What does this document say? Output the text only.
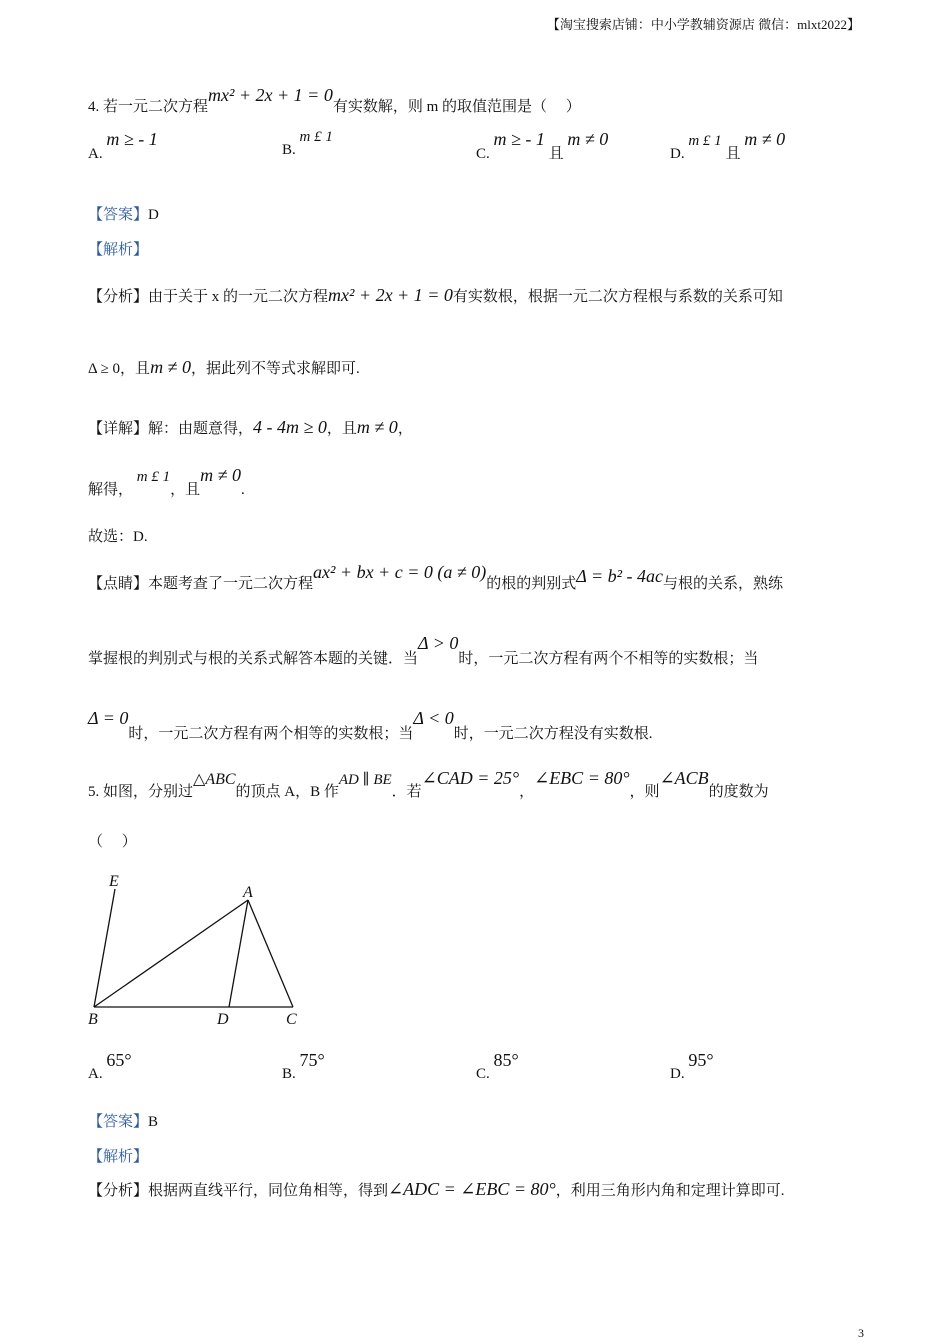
【淘宝搜索店铺：中小学教辅资源店 微信：mlxt2022】
4. 若一元二次方程mx² + 2x + 1 = 0有实数解，则 m 的取值范围是（　 ）
A. m ≥ - 1
B. m £ 1
C. m ≥ - 1 且 m ≠ 0
D. m £ 1 且 m ≠ 0
【答案】D
【解析】
【分析】由于关于 x 的一元二次方程mx² + 2x + 1 = 0有实数根，根据一元二次方程根与系数的关系可知
Δ ≥ 0，且m ≠ 0，据此列不等式求解即可.
【详解】解：由题意得，4 - 4m ≥ 0，且m ≠ 0，
解得， m £ 1，且m ≠ 0.
故选：D.
【点睛】本题考查了一元二次方程ax² + bx + c = 0 (a ≠ 0)的根的判别式Δ = b² - 4ac与根的关系，熟练
掌握根的判别式与根的关系式解答本题的关键．当Δ > 0时，一元二次方程有两个不相等的实数根；当
Δ = 0时，一元二次方程有两个相等的实数根；当Δ < 0时，一元二次方程没有实数根.
5. 如图，分别过△ABC的顶点 A，B 作AD ∥ BE．若∠CAD = 25°，∠EBC = 80°，则∠ACB的度数为
（　 ）
E
A
B	D	C
A. 65°
B. 75°
C. 85°
D. 95°
【答案】B
【解析】
【分析】根据两直线平行，同位角相等，得到∠ADC = ∠EBC = 80°，利用三角形内角和定理计算即可.
3
